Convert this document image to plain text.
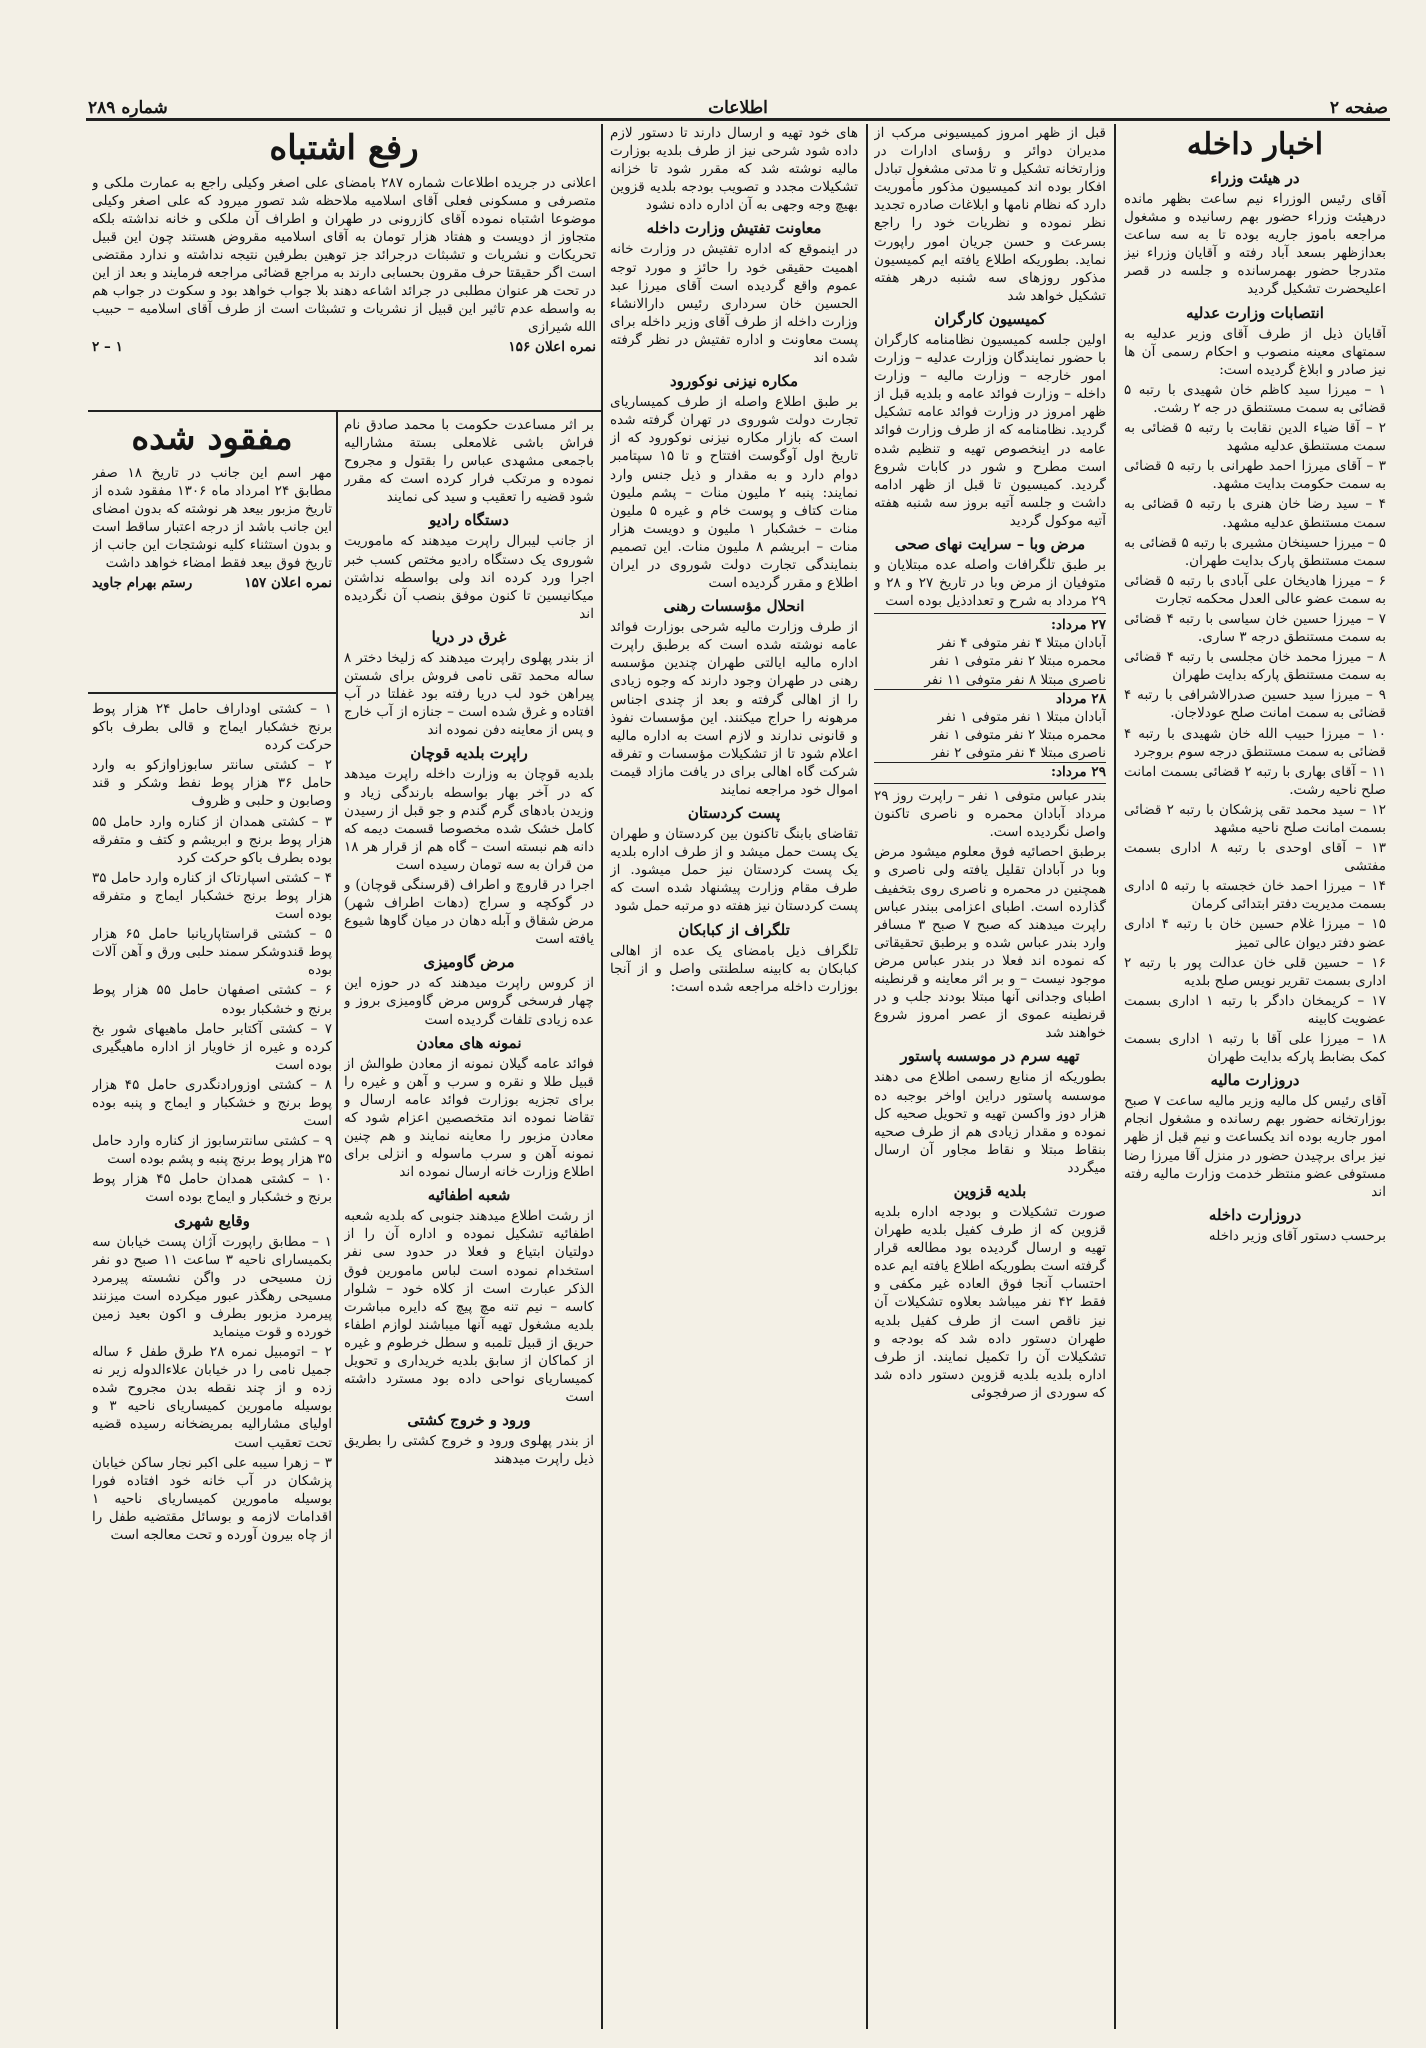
شماره ۲۸۹	اطلاعات	صفحه ۲
اخبار داخله
در هیئت وزراء

آقای رئیس الوزراء نیم ساعت بظهر مانده درهیئت وزراء حضور بهم رسانیده و مشغول مراجعه باموز جاریه بوده تا به سه ساعت بعدازظهر بسعد آباد رفته و آقایان وزراء نیز متدرجا حضور بهمرسانده و جلسه در قصر اعلیحضرت تشکیل گردید

انتصابات وزارت عدلیه

آقایان ذیل از طرف آقای وزیر عدلیه به سمتهای معینه منصوب و احکام رسمی آن ها نیز صادر و ابلاغ گردیده است:

۱ – میرزا سید کاظم خان شهیدی با رتبه ۵ قضائی به سمت مستنطق در جه ۲ رشت.
۲ – آقا ضیاء الدین نقابت با رتبه ۵ قضائی به سمت مستنطق عدلیه مشهد
۳ – آقای میرزا احمد طهرانی با رتبه ۵ قضائی به سمت حکومت بدایت مشهد.
۴ – سید رضا خان هنری با رتبه ۵ قضائی به سمت مستنطق عدلیه مشهد.
۵ – میرزا حسینخان مشیری با رتبه ۵ قضائی به سمت مستنطق پارک بدایت طهران.
۶ – میرزا هادیخان علی آبادی با رتبه ۵ قضائی به سمت عضو عالی العدل محکمه تجارت
۷ – میرزا حسین خان سیاسی با رتبه ۴ قضائی به سمت مستنطق درجه ۳ ساری.
۸ – میرزا محمد خان مجلسی با رتبه ۴ قضائی به سمت مستنطق پارکه بدایت طهران
۹ – میرزا سید حسین صدرالاشرافی با رتبه ۴ قضائی به سمت امانت صلح عودلاجان.
۱۰ – میرزا حبیب الله خان شهیدی با رتبه ۴ قضائی به سمت مستنطق درجه سوم بروجرد
۱۱ – آقای بهاری با رتبه ۲ قضائی بسمت امانت صلح ناحیه رشت.
۱۲ – سید محمد تقی پزشکان با رتبه ۲ قضائی بسمت امانت صلح ناحیه مشهد
۱۳ – آقای اوحدی با رتبه ۸ اداری بسمت مفتشی
۱۴ – میرزا احمد خان خجسته با رتبه ۵ اداری بسمت مدیریت دفتر ابتدائی کرمان
۱۵ – میرزا غلام حسین خان با رتبه ۴ اداری عضو دفتر دیوان عالی تمیز
۱۶ – حسین قلی خان عدالت پور با رتبه ۲ اداری بسمت تقریر نویس صلح بلدیه
۱۷ – کریمخان دادگر با رتبه ۱ اداری بسمت عضویت کابینه
۱۸ – میرزا علی آقا با رتبه ۱ اداری بسمت کمک بضابط پارکه بدایت طهران
دروزارت مالیه

آقای رئیس کل مالیه وزیر مالیه ساعت ۷ صبح بوزارتخانه حضور بهم رسانده و مشغول انجام امور جاریه بوده اند یکساعت و نیم قبل از ظهر نیز برای برچیدن حضور در منزل آقا میرزا رضا مستوفی عضو منتظر خدمت وزارت مالیه رفته اند

دروزارت داخله

برحسب دستور آقای وزیر داخله

قبل از ظهر امروز کمیسیونی مرکب از مدیران دوائر و رؤسای ادارات در وزارتخانه تشکیل و تا مدتی مشغول تبادل افکار بوده اند کمیسیون مذکور مأموریت دارد که نظام نامها و ابلاغات صادره تجدید نظر نموده و نظریات خود را راجع بسرعت و حسن جریان امور راپورت نماید. بطوریکه اطلاع یافته ایم کمیسیون مذکور روزهای سه شنبه درهر هفته تشکیل خواهد شد

کمیسیون کارگران

اولین جلسه کمیسیون نظامنامه کارگران با حضور نمایندگان وزارت عدلیه – وزارت امور خارجه – وزارت مالیه – وزارت داخله – وزارت فوائد عامه و بلدیه قبل از ظهر امروز در وزارت فوائد عامه تشکیل گردید. نظامنامه که از طرف وزارت فوائد عامه در اینخصوص تهیه و تنظیم شده است مطرح و شور در کابات شروع گردید. کمیسیون تا قبل از ظهر ادامه داشت و جلسه آتیه بروز سه شنبه هفته آتیه موکول گردید

مرض وبا – سرایت نهای صحی

بر طبق تلگرافات واصله عده مبتلایان و متوفیان از مرض وبا در تاریخ ۲۷ و ۲۸ و ۲۹ مرداد به شرح و تعدادذیل بوده است

۲۷ مرداد:
آبادان مبتلا ۴ نفر متوفی ۴ نفر
محمره مبتلا ۲ نفر متوفی ۱ نفر
ناصری مبتلا ۸ نفر متوفی ۱۱ نفر
۲۸ مرداد
آبادان مبتلا ۱ نفر متوفی ۱ نفر
محمره مبتلا ۲ نفر متوفی ۱ نفر
ناصری مبتلا ۴ نفر متوفی ۲ نفر
۲۹ مرداد:

بندر عباس متوفی ۱ نفر – راپرت روز ۲۹ مرداد آبادان محمره و ناصری تاکنون واصل نگردیده است.

برطبق احصائیه فوق معلوم میشود مرض وبا در آبادان تقلیل یافته ولی ناصری و همچنین در محمره و ناصری روی بتخفیف گذارده است. اطبای اعزامی ببندر عباس راپرت میدهند که صبح ۷ صبح ۳ مسافر وارد بندر عباس شده و برطبق تحقیقاتی که نموده اند فعلا در بندر عباس مرض موجود نیست – و بر اثر معاینه و قرنطینه اطبای وجدانی آنها مبتلا بودند جلب و در قرنطینه عموی از عصر امروز شروع خواهند شد

تهیه سرم در موسسه پاستور

بطوریکه از منابع رسمی اطلاع می دهند موسسه پاستور دراین اواخر بوجبه ده هزار دوز واکسن تهیه و تحویل صحیه کل نموده و مقدار زیادی هم از طرف صحیه بنقاط مبتلا و نقاط مجاور آن ارسال میگردد

بلدیه قزوین

صورت تشکیلات و بودجه اداره بلدیه قزوین که از طرف کفیل بلدیه طهران تهیه و ارسال گردیده بود مطالعه قرار گرفته است بطوریکه اطلاع یافته ایم عده احتساب آنجا فوق العاده غیر مکفی و فقط ۴۲ نفر میباشد بعلاوه تشکیلات آن نیز ناقص است از طرف کفیل بلدیه طهران دستور داده شد که بودجه و تشکیلات آن را تکمیل نمایند. از طرف اداره بلدیه بلدیه قزوین دستور داده شد که سوردی از صرفجوئی

های خود تهیه و ارسال دارند تا دستور لازم داده شود شرحی نیز از طرف بلدیه بوزارت مالیه نوشته شد که مقرر شود تا خزانه تشکیلات مجدد و تصویب بودجه بلدیه قزوین بهیچ وجه وجهی به آن اداره داده نشود

معاونت تفتیش وزارت داخله

در اینموقع که اداره تفتیش در وزارت خانه اهمیت حقیقی خود را حائز و مورد توجه عموم واقع گردیده است آقای میرزا عبد الحسین خان سرداری رئیس دارالانشاء وزارت داخله از طرف آقای وزیر داخله برای پست معاونت و اداره تفتیش در نظر گرفته شده اند

مکاره نیزنی نوکورود

بر طبق اطلاع واصله از طرف کمیساریای تجارت دولت شوروی در تهران گرفته شده است که بازار مکاره نیزنی نوکورود که از تاریخ اول آوگوست افتتاح و تا ۱۵ سپتامبر دوام دارد و به مقدار و ذیل جنس وارد نمایند: پنبه ۲ ملیون منات – پشم ملیون منات کتاف و پوست خام و غیره ۵ ملیون منات – خشکبار ۱ ملیون و دویست هزار منات – ابریشم ۸ ملیون منات. این تصمیم بنمایندگی تجارت دولت شوروی در ایران اطلاع و مقرر گردیده است

انحلال مؤسسات رهنی

از طرف وزارت مالیه شرحی بوزارت فوائد عامه نوشته شده است که برطبق راپرت اداره مالیه ایالتی طهران چندین مؤسسه رهنی در طهران وجود دارند که وجوه زیادی را از اهالی گرفته و بعد از چندی اجناس مرهونه را حراج میکنند. این مؤسسات نفوذ و قانونی ندارند و لازم است به اداره مالیه اعلام شود تا از تشکیلات مؤسسات و تفرقه شرکت گاه اهالی برای در یافت مازاد قیمت اموال خود مراجعه نمایند

پست کردستان

تقاضای بابنگ تاکنون بین کردستان و طهران یک پست حمل میشد و از طرف اداره بلدیه یک پست کردستان نیز حمل میشود. از طرف مقام وزارت پیشنهاد شده است که پست کردستان نیز هفته دو مرتبه حمل شود

تلگراف از کبابکان

تلگراف ذیل بامضای یک عده از اهالی کبابکان به کابینه سلطنتی واصل و از آنجا بوزارت داخله مراجعه شده است:

رفع اشتباه
اعلانی در جریده اطلاعات شماره ۲۸۷ بامضای علی اصغر وکیلی راجع به عمارت ملکی و متصرفی و مسکونی فعلی آقای اسلامیه ملاحظه شد تصور میرود که علی اصغر وکیلی موضوعا اشتباه نموده آقای کازرونی در طهران و اطراف آن ملکی و خانه نداشته بلکه متجاوز از دویست و هفتاد هزار تومان به آقای اسلامیه مقروض هستند چون این قبیل تحریکات و نشریات و تشبثات درجرائد جز توهین بطرفین نتیجه نداشته و ندارد مقتضی است اگر حقیقتا حرف مقرون بحسابی دارند به مراجع قضائی مراجعه فرمایند و بعد از این در تحت هر عنوان مطلبی در جرائد اشاعه دهند بلا جواب خواهد بود و سکوت در جواب هم به واسطه عدم تاثیر این قبیل از نشریات و تشبثات است از طرف آقای اسلامیه – حبیب الله شیرازی
نمره اعلان ۱۵۶
۱ – ۲

بر اثر مساعدت حکومت با محمد صادق نام فراش باشی غلامعلی بستة مشارالیه باجمعی مشهدی عباس را بقتول و مجروح نموده و مرتکب فرار کرده است که مقرر شود قضیه را تعقیب و سید کی نمایند

دستگاه رادیو

از جانب لیبرال راپرت میدهند که ماموریت شوروی یک دستگاه رادیو مختص کسب خبر اجرا ورد کرده اند ولی بواسطه نداشتن میکانیسین تا کنون موفق بنصب آن نگردیده اند

غرق در دریا

از بندر پهلوی راپرت میدهند که زلیخا دختر ۸ ساله محمد تقی نامی فروش برای شستن پیراهن خود لب دریا رفته بود غفلتا در آب افتاده و غرق شده است – جنازه از آب خارج و پس از معاینه دفن نموده اند

راپرت بلدیه قوچان

بلدیه قوچان به وزارت داخله راپرت میدهد که در آخر بهار بواسطه بارندگی زیاد و وزیدن بادهای گرم گندم و جو قبل از رسیدن کامل خشک شده مخصوصا قسمت دیمه که دانه هم نبسته است – گاه هم از قرار هر ۱۸ من قران به سه تومان رسیده است

اجرا در قاروچ و اطراف (قرسنگی قوچان) و در گوکچه و سراج (دهات اطراف شهر) مرض شقاق و آبله دهان در میان گاوها شیوع یافته است

مرض گاومیزی

از کروس راپرت میدهند که در حوزه این چهار فرسخی گروس مرض گاومیزی بروز و عده زیادی تلفات گردیده است

نمونه های معادن

فوائد عامه گیلان نمونه از معادن طوالش از قبیل طلا و نقره و سرب و آهن و غیره را برای تجزیه بوزارت فوائد عامه ارسال و تقاضا نموده اند متخصصین اعزام شود که معادن مزبور را معاینه نمایند و هم چنین نمونه آهن و سرب ماسوله و انزلی برای اطلاع وزارت خانه ارسال نموده اند

شعبه اطفائیه

از رشت اطلاع میدهند جنوبی که بلدیه شعبه اطفائیه تشکیل نموده و اداره آن را از دولتیان ابتیاع و فعلا در حدود سی نفر استخدام نموده است لباس مامورین فوق الذکر عبارت است از کلاه خود – شلوار کاسه – نیم تنه مچ پیچ که دایره مباشرت بلدیه مشغول تهیه آنها میباشند لوازم اطفاء حریق از قبیل تلمبه و سطل خرطوم و غیره از کماکان از سابق بلدیه خریداری و تحویل کمیساریای نواحی داده بود مسترد داشته است

ورود و خروج کشتی

از بندر پهلوی ورود و خروج کشتی را بطریق ذیل راپرت میدهند

مفقود شده
مهر اسم این جانب در تاریخ ۱۸ صفر مطابق ۲۴ امرداد ماه ۱۳۰۶ مفقود شده از تاریخ مزبور بیعد هر نوشته که بدون امضای این جانب باشد از درجه اعتبار ساقط است و بدون استثناء کلیه نوشتجات این جانب از تاریخ فوق بیعد فقط امضاء خواهد داشت
نمره اعلان ۱۵۷
رستم بهرام جاوید
۱ – کشتی اوداراف حامل ۲۴ هزار پوط برنج خشکبار ایماج و قالی بطرف باکو حرکت کرده
۲ – کشتی سانتر سابوزاوازکو به وارد حامل ۳۶ هزار پوط نفط وشکر و قند وصابون و حلبی و ظروف
۳ – کشتی همدان از کناره وارد حامل ۵۵ هزار پوط برنج و ابریشم و کتف و متفرقه بوده بطرف باکو حرکت کرد
۴ – کشتی اسپارتاک از کناره وارد حامل ۳۵ هزار پوط برنج خشکبار ایماج و متفرقه بوده است
۵ – کشتی قراستاپاریانبا حامل ۶۵ هزار پوط قندوشکر سمند حلبی ورق و آهن آلات بوده
۶ – کشتی اصفهان حامل ۵۵ هزار پوط برنج و خشکبار بوده
۷ – کشتی آکتابر حامل ماهیهای شور بخ کرده و غیره از خاویار از اداره ماهیگیری بوده است
۸ – کشتی اوزورادنگدری حامل ۴۵ هزار پوط برنج و خشکبار و ایماج و پنبه بوده است
۹ – کشتی سانترسابوز از کناره وارد حامل ۳۵ هزار پوط برنج پنبه و پشم بوده است
۱۰ – کشتی همدان حامل ۴۵ هزار پوط برنج و خشکبار و ایماج بوده است
وقایع شهری
۱ – مطابق راپورت آژان پست خیابان سه بکمیسارای ناحیه ۳ ساعت ۱۱ صبح دو نفر زن مسیحی در واگن نشسته پیرمرد مسیحی رهگذر عبور میکرده است میزنند پیرمرد مزبور بطرف و اکون بعید زمین خورده و قوت مینماید
۲ – اتومبیل نمره ۲۸ طرق طفل ۶ ساله جمیل نامی را در خیابان علاءالدوله زیر نه زده و از چند نقطه بدن مجروح شده بوسیله مامورین کمیساریای ناحیه ۳ و اولیای مشارالیه بمریضخانه رسیده قضیه تحت تعقیب است
۳ – زهرا سیبه علی اکبر نجار ساکن خیابان پزشکان در آب خانه خود افتاده فورا بوسیله مامورین کمیساریای ناحیه ۱ اقدامات لازمه و بوسائل مقتضیه طفل را از چاه بیرون آورده و تحت معالجه است
